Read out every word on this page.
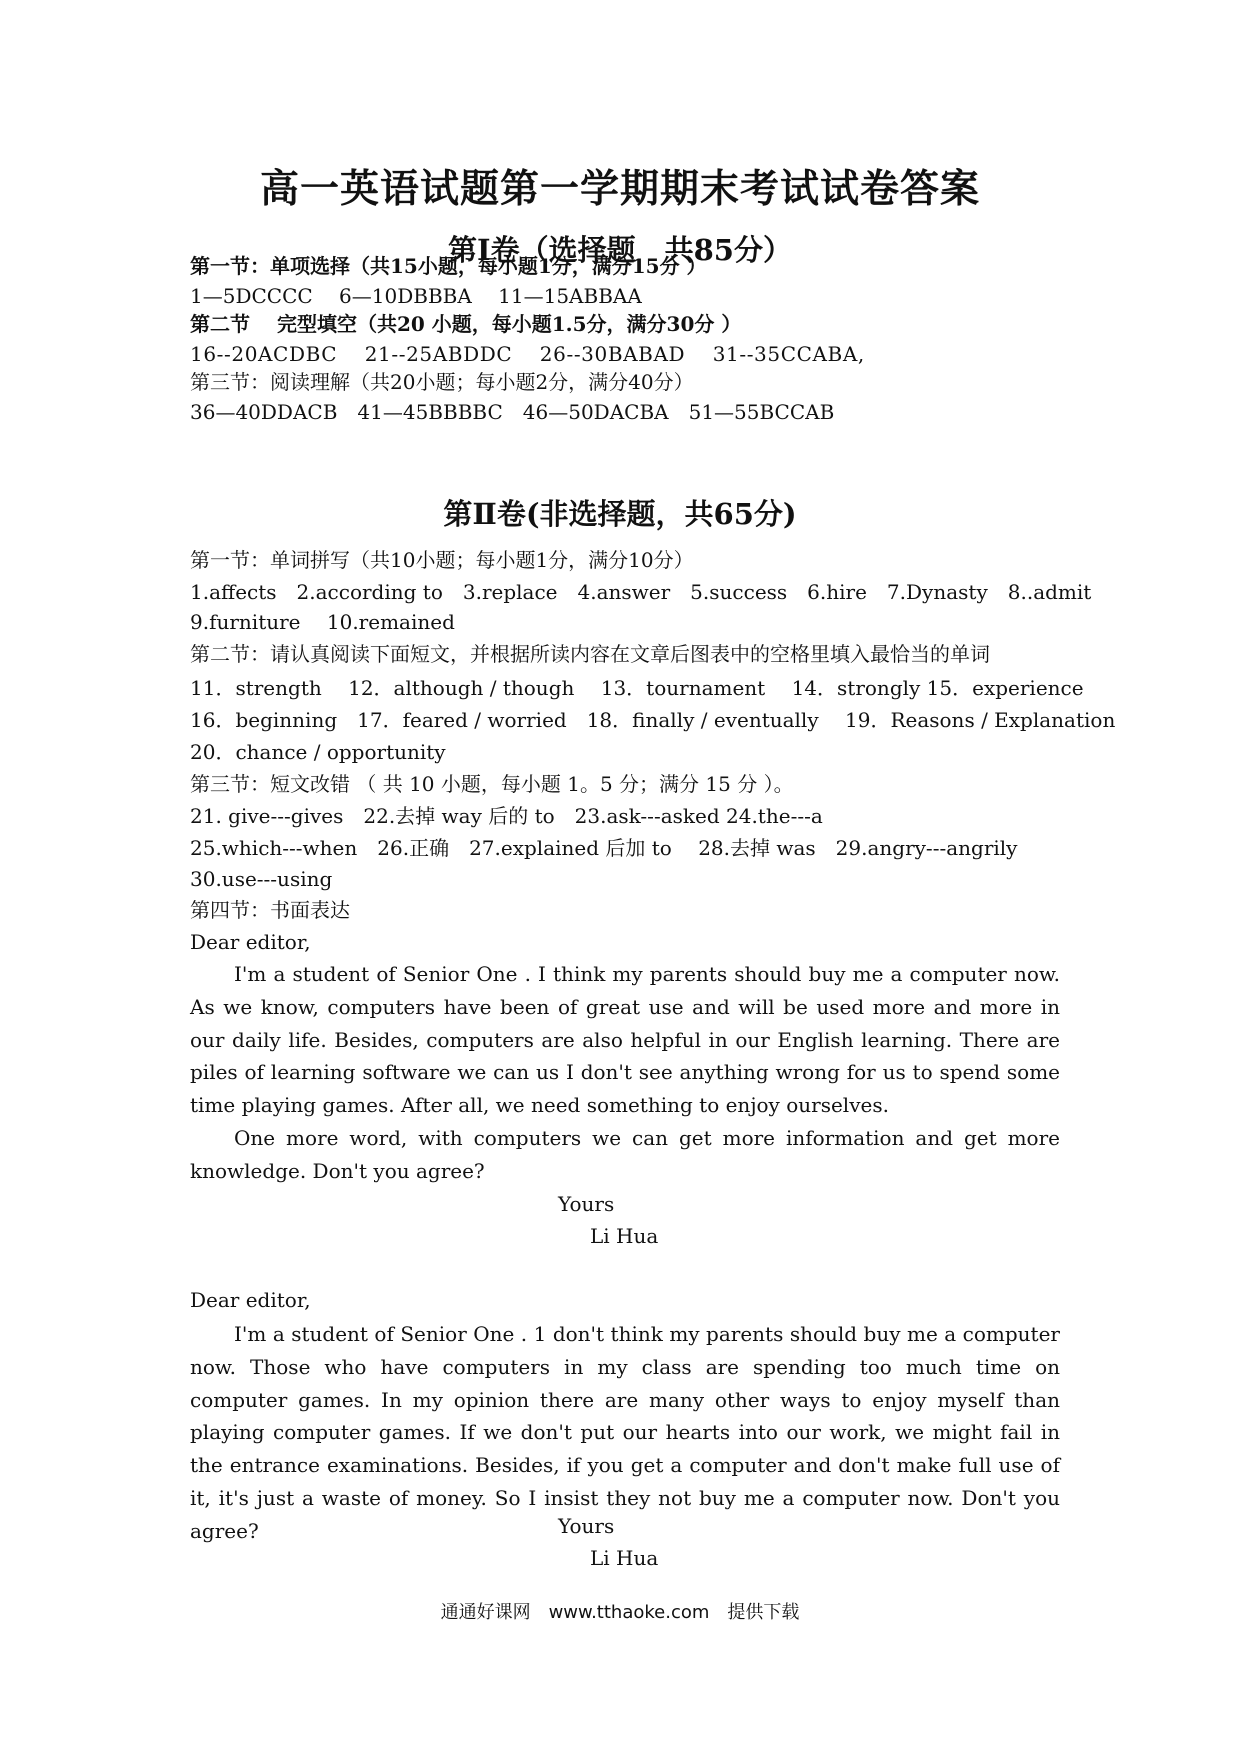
高一英语试题第一学期期末考试试卷答案
第Ⅰ卷（选择题　共85分）
第一节：单项选择（共15小题，每小题1分，满分15分 ）
1—5DCCCC　 6—10DBBBA　 11—15ABBAA
第二节　 完型填空（共20 小题，每小题1.5分，满分30分 ）
16--20ACDBC　 21--25ABDDC　 26--30BABAD　 31--35CCABA,
第三节：阅读理解（共20小题；每小题2分，满分40分）
36—40DDACB　41—45BBBBC　46—50DACBA　51—55BCCAB
第Ⅱ卷(非选择题，共65分)
第一节：单词拼写（共10小题；每小题1分，满分10分）
1.affects　2.according to　3.replace　4.answer　5.success　6.hire　7.Dynasty　8..admit
9.furniture　 10.remained
第二节：请认真阅读下面短文，并根据所读内容在文章后图表中的空格里填入最恰当的单词
11．strength　 12．although / though　 13．tournament　 14．strongly 15．experience
16．beginning　17．feared / worried　18．finally / eventually　 19．Reasons / Explanation
20．chance / opportunity
第三节：短文改错 （ 共 10 小题，每小题 1。5 分；满分 15 分 ）。
21. give---gives　22.去掉 way 后的 to　23.ask---asked 24.the---a
25.which---when　26.正确　27.explained 后加 to　 28.去掉 was　29.angry---angrily
30.use---using
第四节：书面表达
Dear editor,
I'm a student of Senior One . I think my parents should buy me a computer now. As we know, computers have been of great use and will be used more and more in our daily life. Besides, computers are also helpful in our English learning. There are piles of learning software we can us I don't see anything wrong for us to spend some time playing games. After all, we need something to enjoy ourselves.
One more word, with computers we can get more information and get more knowledge. Don't you agree?
Yours
Li Hua
Dear editor,
I'm a student of Senior One . 1 don't think my parents should buy me a computer now. Those who have computers in my class are spending too much time on computer games. In my opinion there are many other ways to enjoy myself than playing computer games. If we don't put our hearts into our work, we might fail in the entrance examinations. Besides, if you get a computer and don't make full use of it, it's just a waste of money. So I insist they not buy me a computer now. Don't you agree?	Yours
Li Hua
通通好课网　www.tthaoke.com　提供下载
